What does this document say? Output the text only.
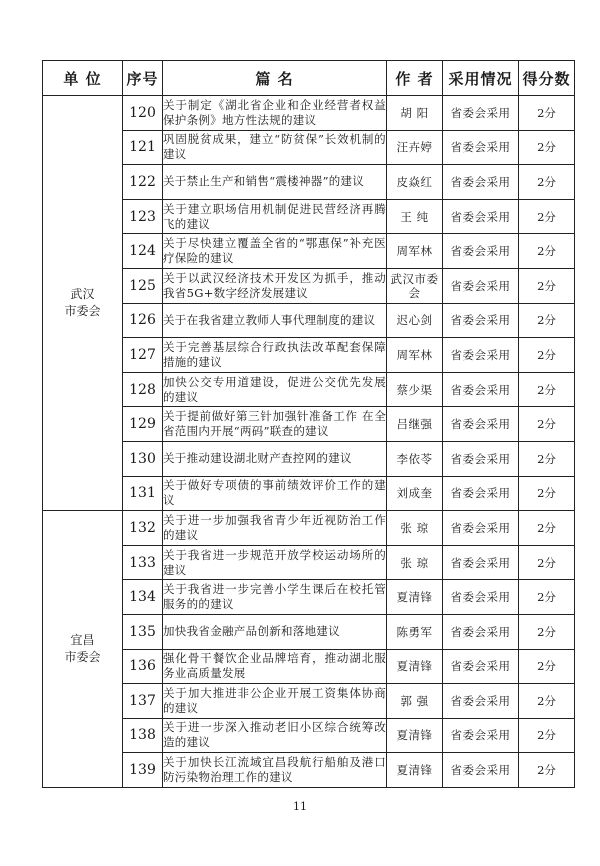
单 位	序号	篇 名	作 者	采用情况	得分数
武汉
市委会	120	关于制定《湖北省企业和企业经营者权益保护条例》地方性法规的建议	胡 阳	省委会采用	2分
	121	巩固脱贫成果，建立“防贫保”长效机制的建议	汪卉婷	省委会采用	2分
	122	关于禁止生产和销售“震楼神器”的建议	皮焱红	省委会采用	2分
	123	关于建立职场信用机制促进民营经济再腾飞的建议	王 纯	省委会采用	2分
	124	关于尽快建立覆盖全省的“鄂惠保”补充医疗保险的建议	周军林	省委会采用	2分
	125	关于以武汉经济技术开发区为抓手，推动我省5G+数字经济发展建议	武汉市委会	省委会采用	2分
	126	关于在我省建立教师人事代理制度的建议	迟心剑	省委会采用	2分
	127	关于完善基层综合行政执法改革配套保障措施的建议	周军林	省委会采用	2分
	128	加快公交专用道建设，促进公交优先发展的建议	蔡少渠	省委会采用	2分
	129	关于提前做好第三针加强针准备工作 在全省范围内开展“两码”联查的建议	吕继强	省委会采用	2分
	130	关于推动建设湖北财产查控网的建议	李依苓	省委会采用	2分
	131	关于做好专项债的事前绩效评价工作的建议	刘成奎	省委会采用	2分
宜昌
市委会	132	关于进一步加强我省青少年近视防治工作的建议	张 琼	省委会采用	2分
	133	关于我省进一步规范开放学校运动场所的建议	张 琼	省委会采用	2分
	134	关于我省进一步完善小学生课后在校托管服务的的建议	夏清锋	省委会采用	2分
	135	加快我省金融产品创新和落地建议	陈勇军	省委会采用	2分
	136	强化骨干餐饮企业品牌培育，推动湖北服务业高质量发展	夏清锋	省委会采用	2分
	137	关于加大推进非公企业开展工资集体协商的建议	郭 强	省委会采用	2分
	138	关于进一步深入推动老旧小区综合统筹改造的建议	夏清锋	省委会采用	2分
	139	关于加快长江流域宜昌段航行船舶及港口防污染物治理工作的建议	夏清锋	省委会采用	2分
11
